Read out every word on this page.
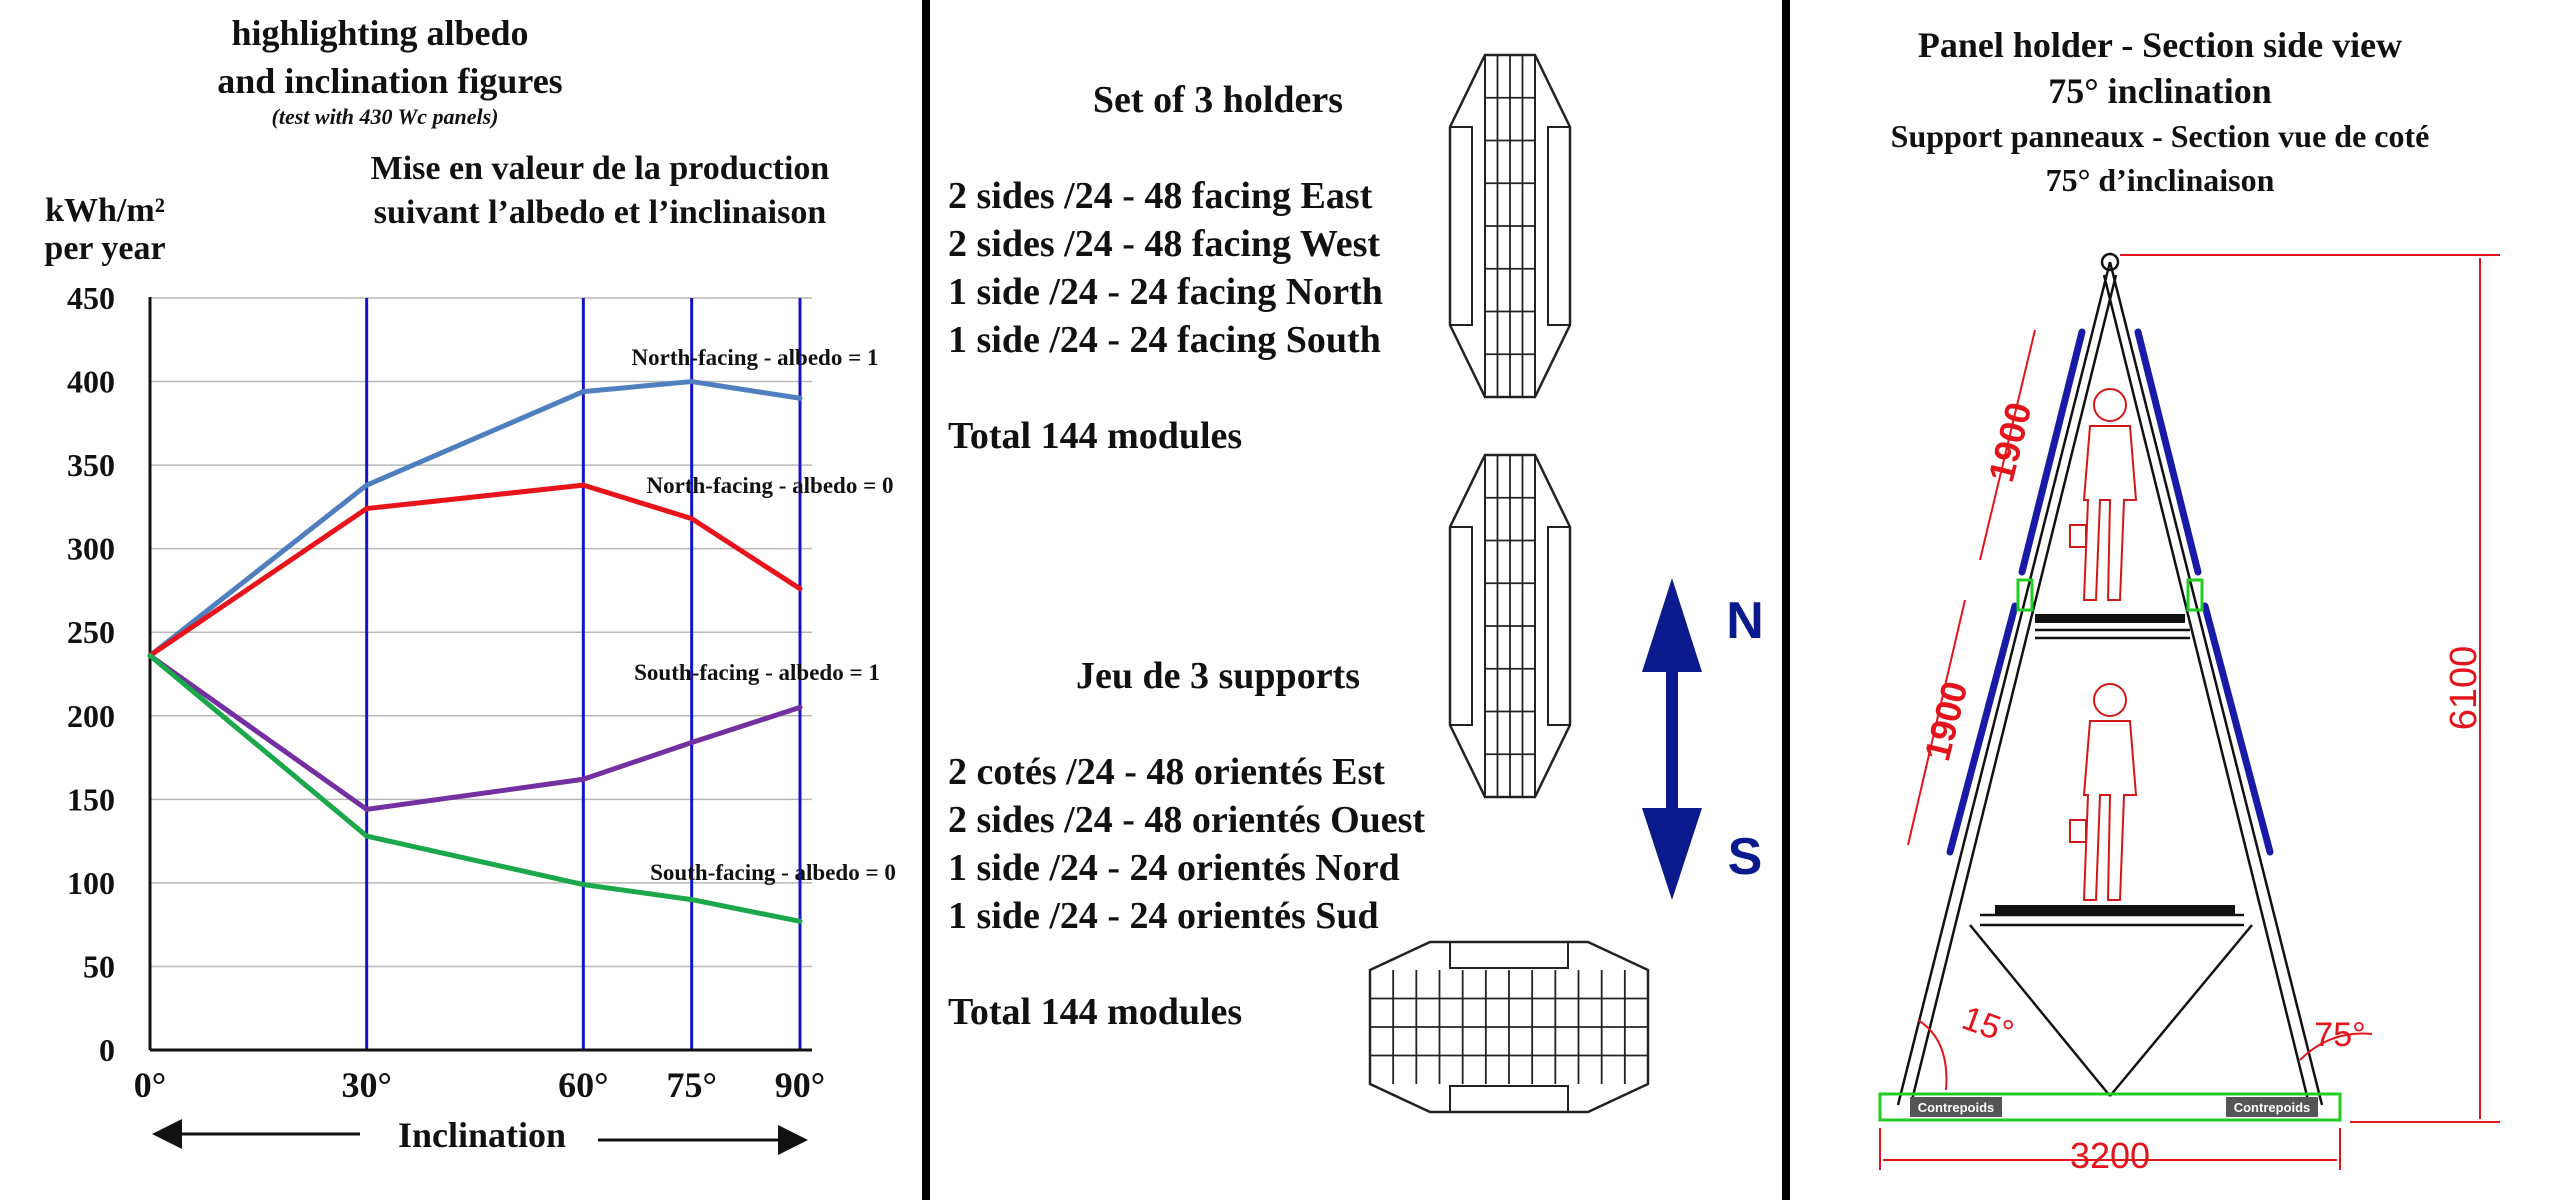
highlighting albedo
and inclination figures
(test with 430 Wc panels)
Mise en valeur de la production
suivant l’albedo et l’inclinaison
kWh/m²
per year
0
50
100
150
200
250
300
350
400
450
0°	30°	60° 75° 90°
North-facing - albedo = 1
North-facing - albedo = 0
South-facing - albedo = 1
South-facing - albedo = 0
Inclination
Set of 3 holders
2 sides /24 - 48 facing East
2 sides /24 - 48 facing West
1 side /24 - 24 facing North
1 side /24 - 24 facing South
Total 144 modules
Jeu de 3 supports
2 cotés /24 - 48 orientés Est
2 sides /24 - 48 orientés Ouest
1 side /24 - 24 orientés Nord
1 side /24 - 24 orientés Sud
Total 144 modules
N
S
Panel holder - Section side view
75° inclination
Support panneaux - Section vue de coté
75° d’inclinaison
Contrepoids	Contrepoids
6100
3200
1900
1900
15°	75°
